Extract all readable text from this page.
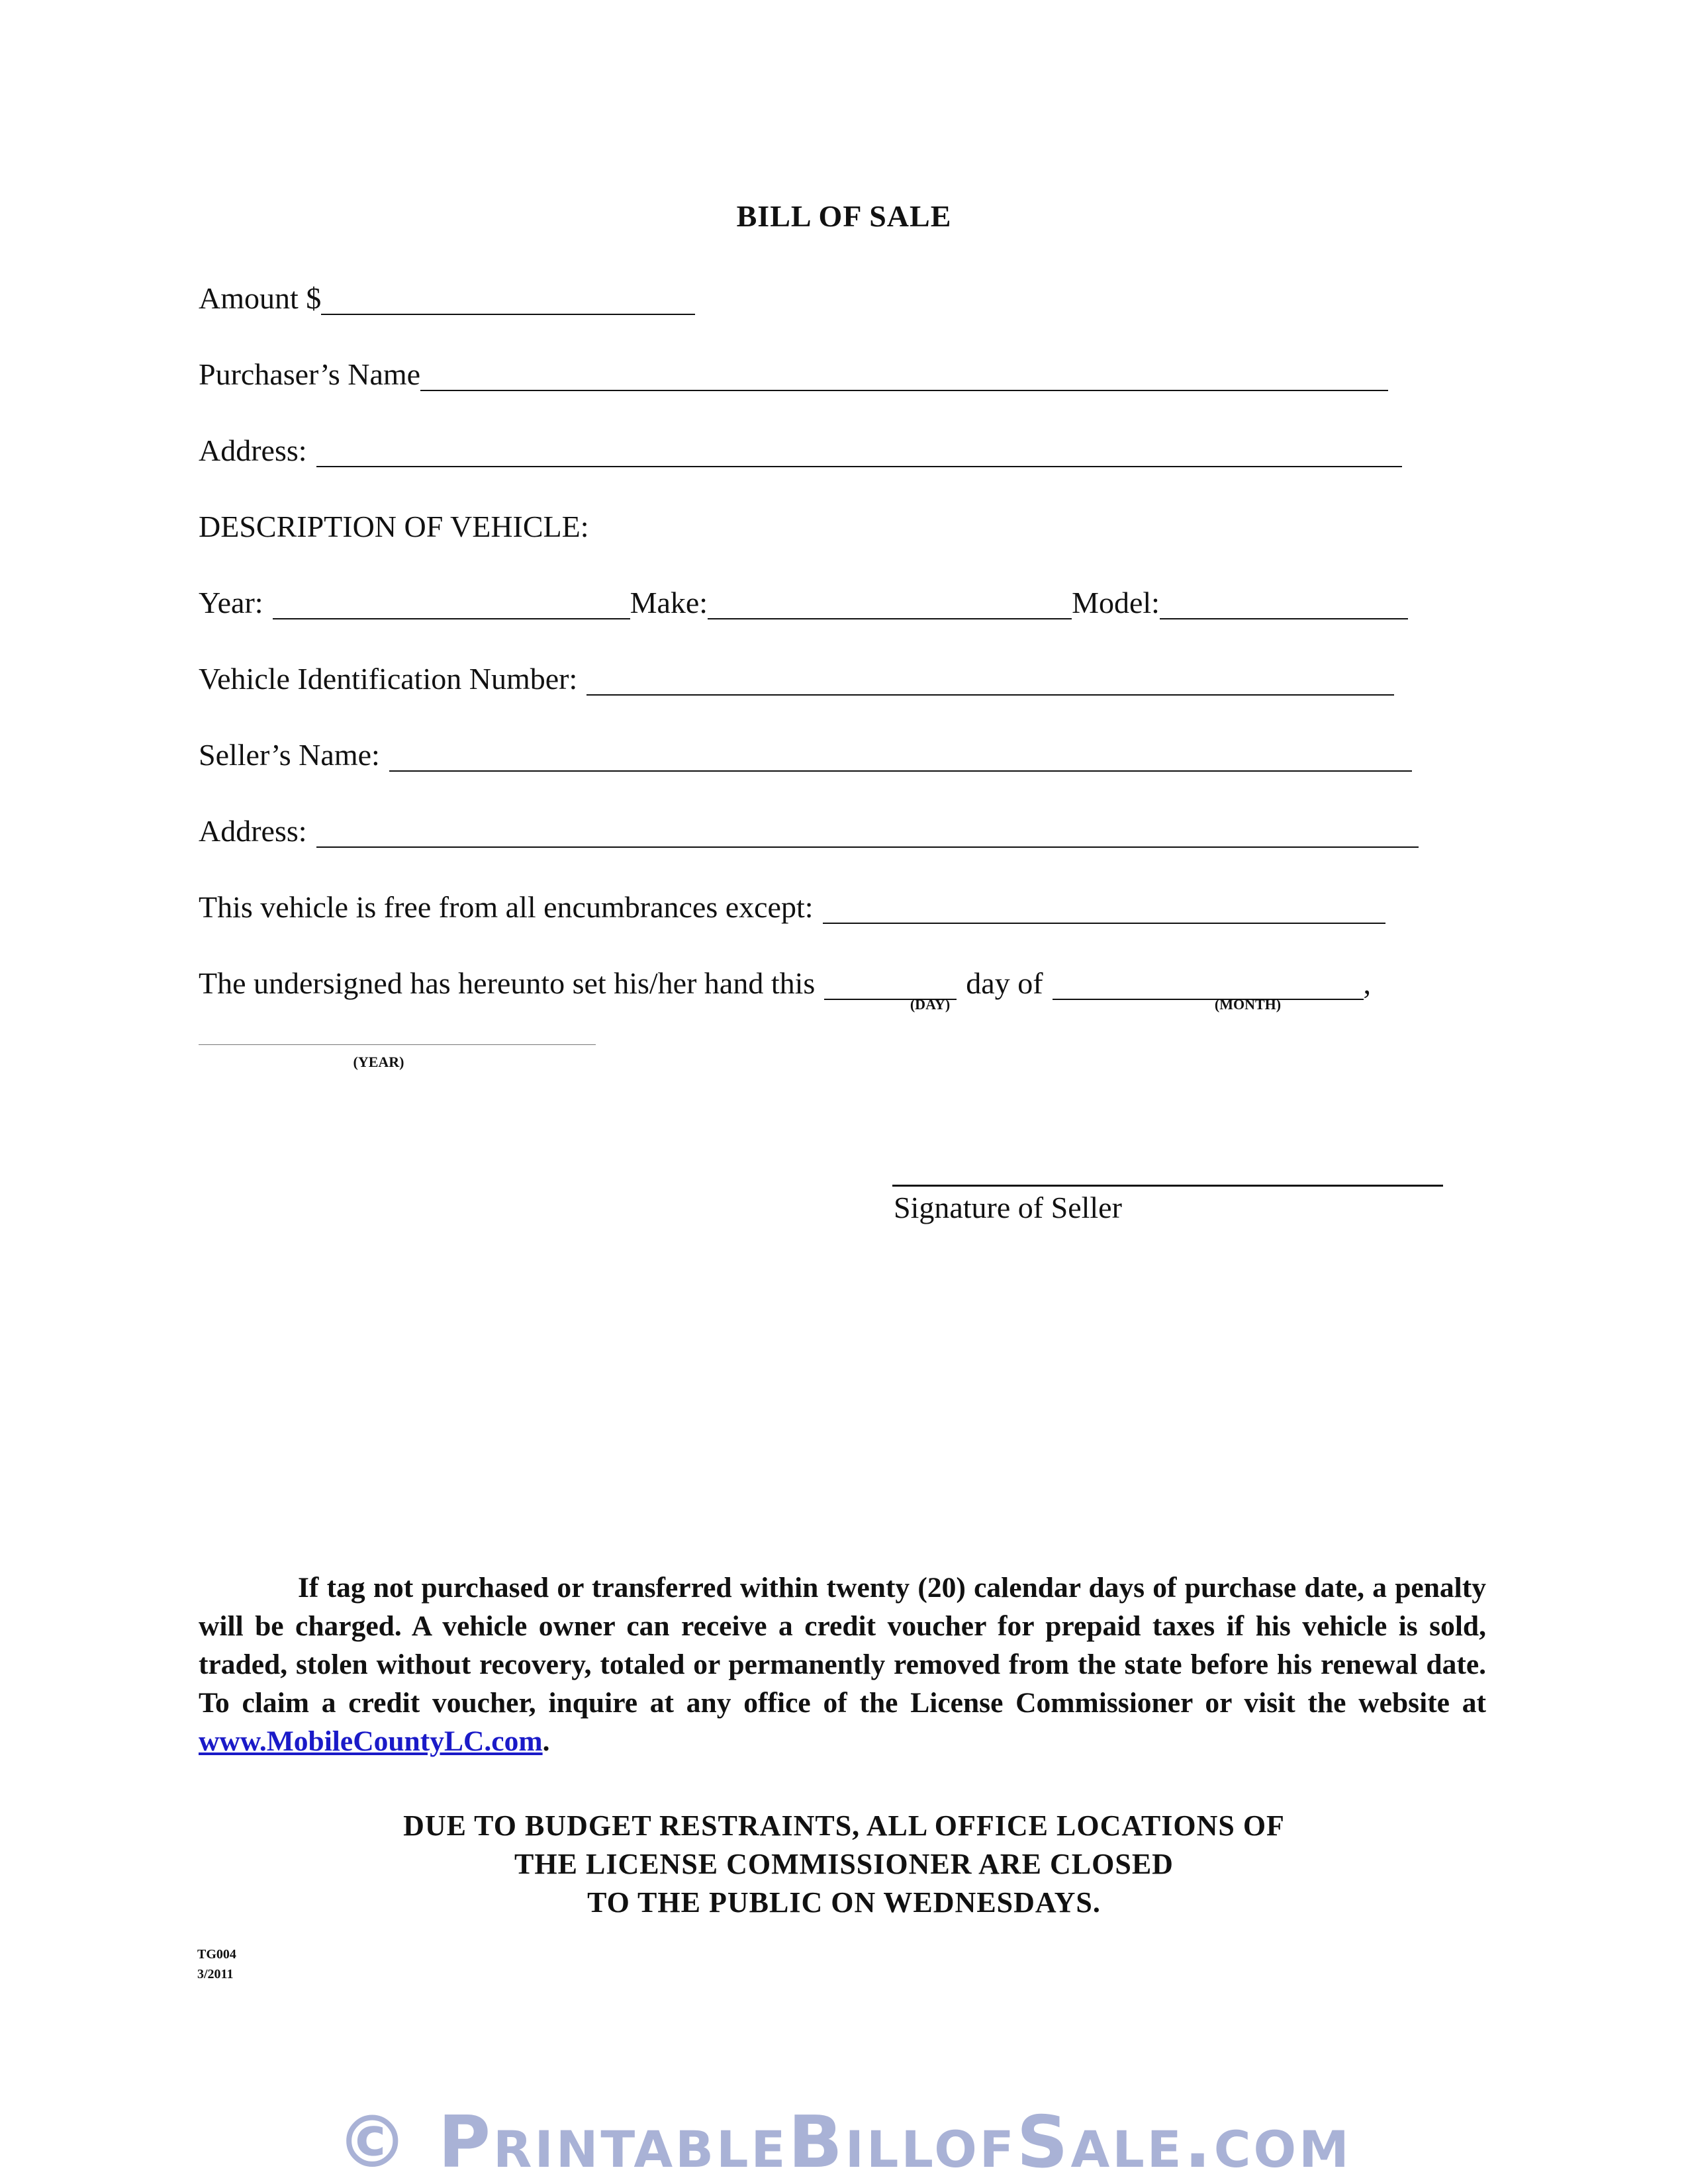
BILL OF SALE
Amount $
Purchaser’s Name
Address:
DESCRIPTION OF VEHICLE:
Year:	Make:	Model:
Vehicle Identification Number:
Seller’s Name:
Address:
This vehicle is free from all encumbrances except:
The undersigned has hereunto set his/her hand this	day of	,
(DAY)	(MONTH)
(YEAR)
Signature of Seller
If tag not purchased or transferred within twenty (20) calendar days of purchase date, a penalty will be charged. A vehicle owner can receive a credit voucher for prepaid taxes if his vehicle is sold, traded, stolen without recovery, totaled or permanently removed from the state before his renewal date. To claim a credit voucher, inquire at any office of the License Commissioner or visit the website at www.MobileCountyLC.com.
DUE TO BUDGET RESTRAINTS, ALL OFFICE LOCATIONS OF
THE LICENSE COMMISSIONER ARE CLOSED
TO THE PUBLIC ON WEDNESDAYS.
TG004
3/2011
© PrintableBillofSale.com
